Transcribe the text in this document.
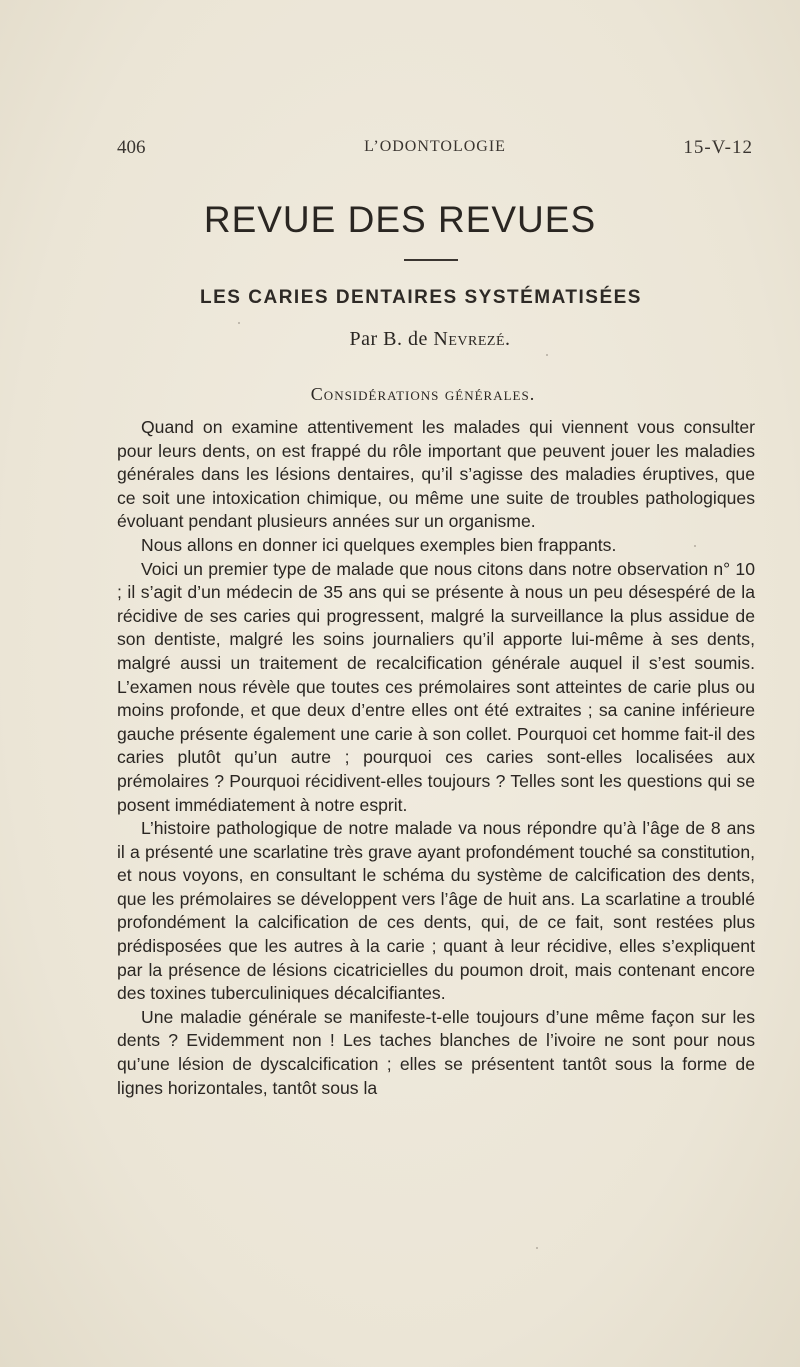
406	L’ODONTOLOGIE	15-V-12
REVUE DES REVUES
LES CARIES DENTAIRES SYSTÉMATISÉES
Par B. de Nevrezé.
Considérations générales.

Quand on examine attentivement les malades qui viennent vous consulter pour leurs dents, on est frappé du rôle important que peuvent jouer les maladies générales dans les lésions dentaires, qu’il s’agisse des maladies éruptives, que ce soit une intoxication chimique, ou même une suite de troubles pathologiques évoluant pendant plusieurs années sur un organisme.

Nous allons en donner ici quelques exemples bien frappants.

Voici un premier type de malade que nous citons dans notre observation n° 10 ; il s’agit d’un médecin de 35 ans qui se présente à nous un peu désespéré de la récidive de ses caries qui progressent, malgré la surveillance la plus assidue de son dentiste, malgré les soins journaliers qu’il apporte lui-même à ses dents, malgré aussi un traitement de recalcification générale auquel il s’est soumis. L’examen nous révèle que toutes ces prémolaires sont atteintes de carie plus ou moins profonde, et que deux d’entre elles ont été extraites ; sa canine inférieure gauche présente également une carie à son collet. Pourquoi cet homme fait-il des caries plutôt qu’un autre ; pourquoi ces caries sont-elles localisées aux prémolaires ? Pourquoi récidivent-elles toujours ? Telles sont les questions qui se posent immédiatement à notre esprit.

L’histoire pathologique de notre malade va nous répondre qu’à l’âge de 8 ans il a présenté une scarlatine très grave ayant profondément touché sa constitution, et nous voyons, en consultant le schéma du système de calcification des dents, que les prémolaires se développent vers l’âge de huit ans. La scarlatine a troublé profondément la calcification de ces dents, qui, de ce fait, sont restées plus prédisposées que les autres à la carie ; quant à leur récidive, elles s’expliquent par la présence de lésions cicatricielles du poumon droit, mais contenant encore des toxines tuberculiniques décalcifiantes.

Une maladie générale se manifeste-t-elle toujours d’une même façon sur les dents ? Evidemment non ! Les taches blanches de l’ivoire ne sont pour nous qu’une lésion de dyscalcification ; elles se présentent tantôt sous la forme de lignes horizontales, tantôt sous la
